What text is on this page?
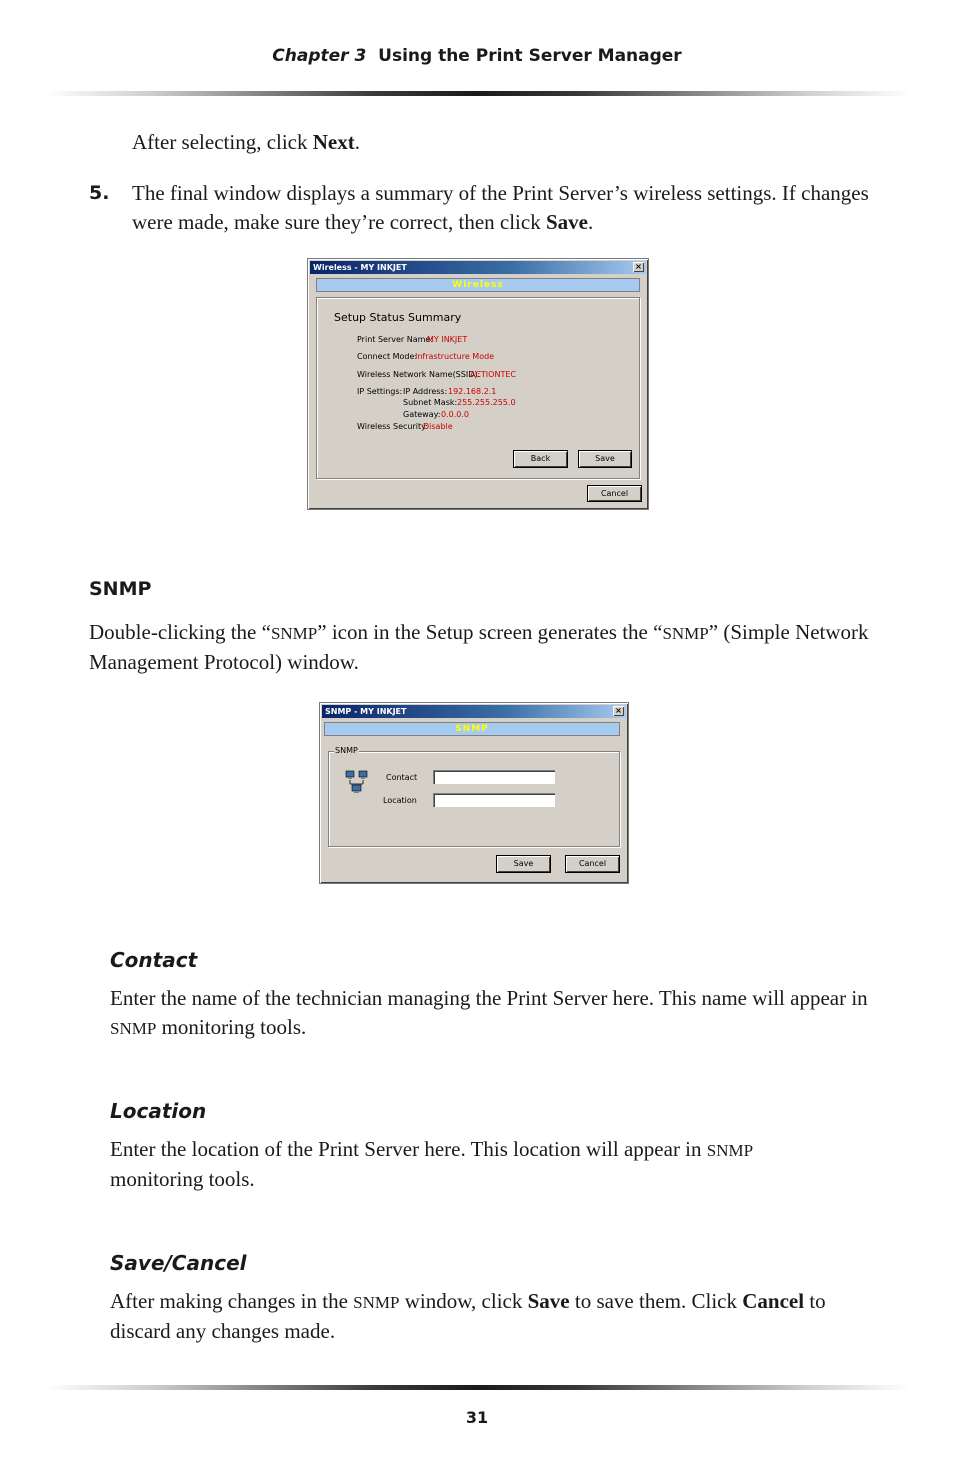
Chapter 3 Using the Print Server Manager
After selecting, click Next.
5. The final window displays a summary of the Print Server’s wireless settings. If changes were made, make sure they’re correct, then click Save.
Wireless - MY INKJET	×
Wireless
Setup Status Summary
Print Server Name:
MY INKJET
Connect Mode:
Infrastructure Mode
Wireless Network Name(SSID):
ACTIONTEC
IP Settings: IP Address: 192.168.2.1
Subnet Mask: 255.255.255.0
Gateway: 0.0.0.0
Wireless Security:
Disable
Back	Save
Cancel
SNMP
Double-clicking the “SNMP” icon in the Setup screen generates the “SNMP” (Simple Network Management Protocol) window.
SNMP - MY INKJET	×
SNMP
SNMP
Contact
Location
Save	Cancel
Contact
Enter the name of the technician managing the Print Server here. This name will appear in SNMP monitoring tools.
Location
Enter the location of the Print Server here. This location will appear in SNMP monitoring tools.
Save/Cancel
After making changes in the SNMP window, click Save to save them. Click Cancel to discard any changes made.
31
